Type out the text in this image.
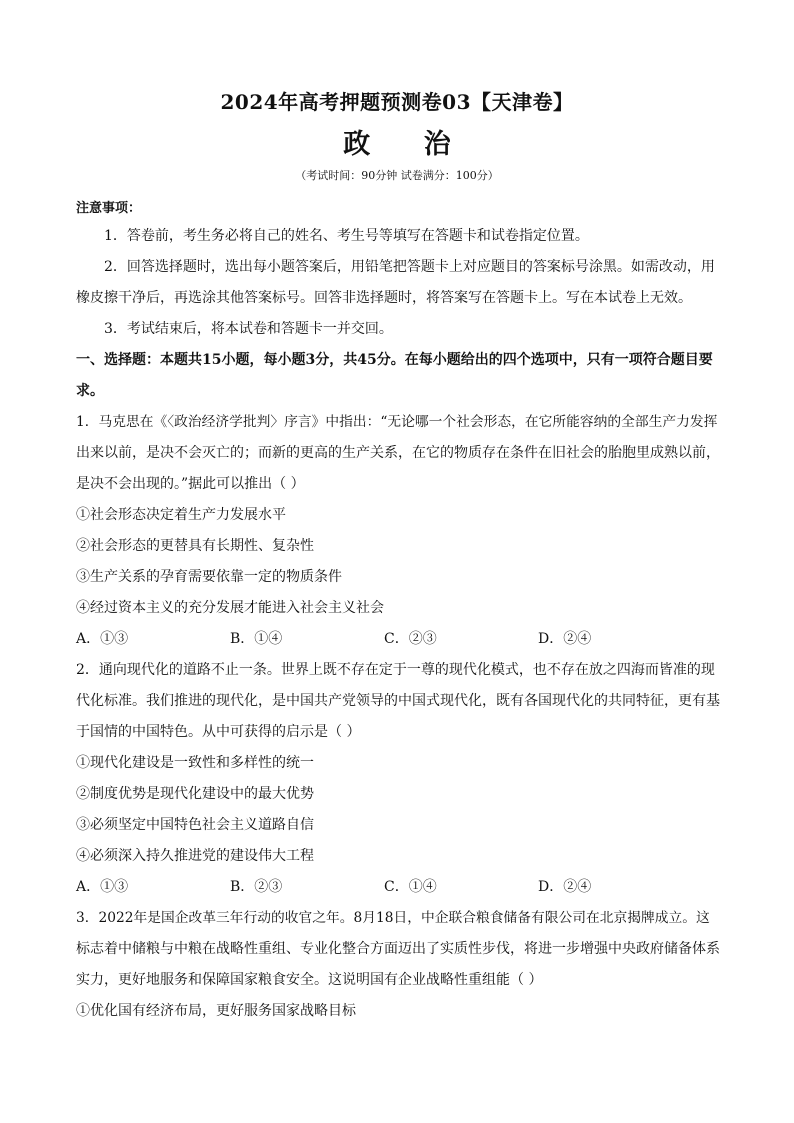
2024年高考押题预测卷03【天津卷】
政 治
（考试时间：90分钟 试卷满分：100分）
注意事项：
1．答卷前，考生务必将自己的姓名、考生号等填写在答题卡和试卷指定位置。
2．回答选择题时，选出每小题答案后，用铅笔把答题卡上对应题目的答案标号涂黑。如需改动，用
橡皮擦干净后，再选涂其他答案标号。回答非选择题时，将答案写在答题卡上。写在本试卷上无效。
3．考试结束后，将本试卷和答题卡一并交回。
一、选择题：本题共15小题，每小题3分，共45分。在每小题给出的四个选项中，只有一项符合题目要
求。
1．马克思在《〈政治经济学批判〉序言》中指出：“无论哪一个社会形态，在它所能容纳的全部生产力发挥
出来以前，是决不会灭亡的；而新的更高的生产关系，在它的物质存在条件在旧社会的胎胞里成熟以前，
是决不会出现的。”据此可以推出（ ）
①社会形态决定着生产力发展水平
②社会形态的更替具有长期性、复杂性
③生产关系的孕育需要依靠一定的物质条件
④经过资本主义的充分发展才能进入社会主义社会
A．①③	B．①④	C．②③	D．②④
2．通向现代化的道路不止一条。世界上既不存在定于一尊的现代化模式，也不存在放之四海而皆准的现
代化标准。我们推进的现代化，是中国共产党领导的中国式现代化，既有各国现代化的共同特征，更有基
于国情的中国特色。从中可获得的启示是（ ）
①现代化建设是一致性和多样性的统一
②制度优势是现代化建设中的最大优势
③必须坚定中国特色社会主义道路自信
④必须深入持久推进党的建设伟大工程
A．①③	B．②③	C．①④	D．②④
3．2022年是国企改革三年行动的收官之年。8月18日，中企联合粮食储备有限公司在北京揭牌成立。这
标志着中储粮与中粮在战略性重组、专业化整合方面迈出了实质性步伐，将进一步增强中央政府储备体系
实力，更好地服务和保障国家粮食安全。这说明国有企业战略性重组能（ ）
①优化国有经济布局，更好服务国家战略目标
